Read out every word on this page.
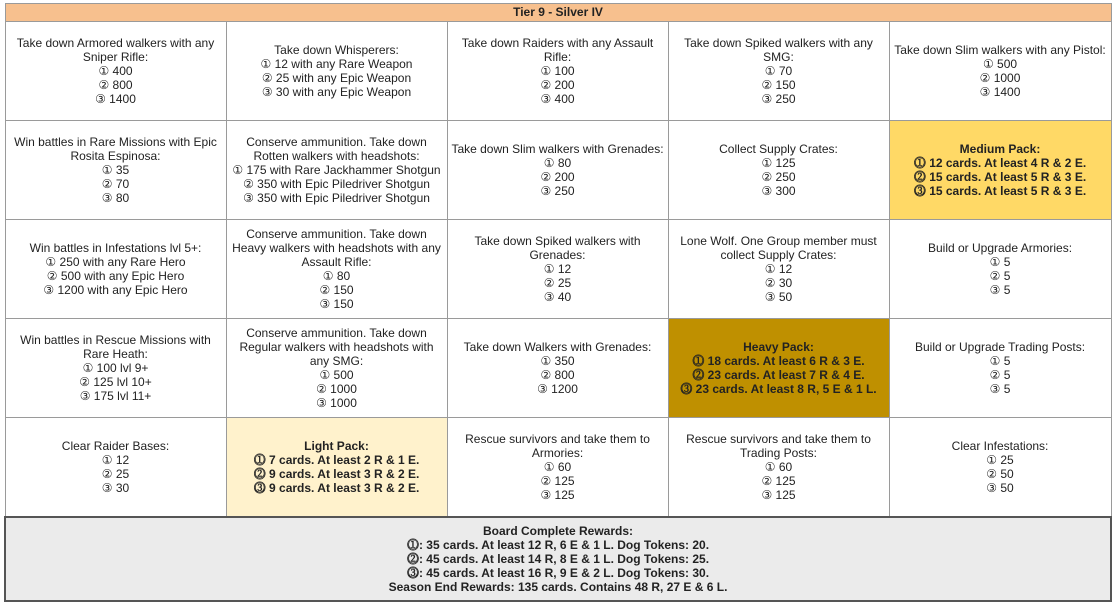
Tier 9 - Silver IV				

Take down Armored walkers with any Sniper Rifle:
① 400
② 800
③ 1400	Take down Whisperers:
① 12 with any Rare Weapon
② 25 with any Epic Weapon
③ 30 with any Epic Weapon	Take down Raiders with any Assault Rifle:
① 100
② 200
③ 400	Take down Spiked walkers with any SMG:
① 70
② 150
③ 250	Take down Slim walkers with any Pistol:
① 500
② 1000
③ 1400

Win battles in Rare Missions with Epic Rosita Espinosa:
① 35
② 70
③ 80	Conserve ammunition. Take down Rotten walkers with headshots:
① 175 with Rare Jackhammer Shotgun
② 350 with Epic Piledriver Shotgun
③ 350 with Epic Piledriver Shotgun	Take down Slim walkers with Grenades:
① 80
② 200
③ 250	Collect Supply Crates:
① 125
② 250
③ 300	Medium Pack:
⓵ 12 cards. At least 4 R & 2 E.
⓶ 15 cards. At least 5 R & 3 E.
⓷ 15 cards. At least 5 R & 3 E.

Win battles in Infestations lvl 5+:
① 250 with any Rare Hero
② 500 with any Epic Hero
③ 1200 with any Epic Hero	Conserve ammunition. Take down Heavy walkers with headshots with any Assault Rifle:
① 80
② 150
③ 150	Take down Spiked walkers with Grenades:
① 12
② 25
③ 40	Lone Wolf. One Group member must collect Supply Crates:
① 12
② 30
③ 50	Build or Upgrade Armories:
① 5
② 5
③ 5

Win battles in Rescue Missions with Rare Heath:
① 100 lvl 9+
② 125 lvl 10+
③ 175 lvl 11+	Conserve ammunition. Take down Regular walkers with headshots with any SMG:
① 500
② 1000
③ 1000	Take down Walkers with Grenades:
① 350
② 800
③ 1200	Heavy Pack:
⓵ 18 cards. At least 6 R & 3 E.
⓶ 23 cards. At least 7 R & 4 E.
⓷ 23 cards. At least 8 R, 5 E & 1 L.	Build or Upgrade Trading Posts:
① 5
② 5
③ 5

Clear Raider Bases:
① 12
② 25
③ 30	Light Pack:
⓵ 7 cards. At least 2 R & 1 E.
⓶ 9 cards. At least 3 R & 2 E.
⓷ 9 cards. At least 3 R & 2 E.	Rescue survivors and take them to Armories:
① 60
② 125
③ 125	Rescue survivors and take them to Trading Posts:
① 60
② 125
③ 125	Clear Infestations:
① 25
② 50
③ 50

Board Complete Rewards:
⓵: 35 cards. At least 12 R, 6 E & 1 L. Dog Tokens: 20.
⓶: 45 cards. At least 14 R, 8 E & 1 L. Dog Tokens: 25.
⓷: 45 cards. At least 16 R, 9 E & 2 L. Dog Tokens: 30.
Season End Rewards: 135 cards. Contains 48 R, 27 E & 6 L.				
